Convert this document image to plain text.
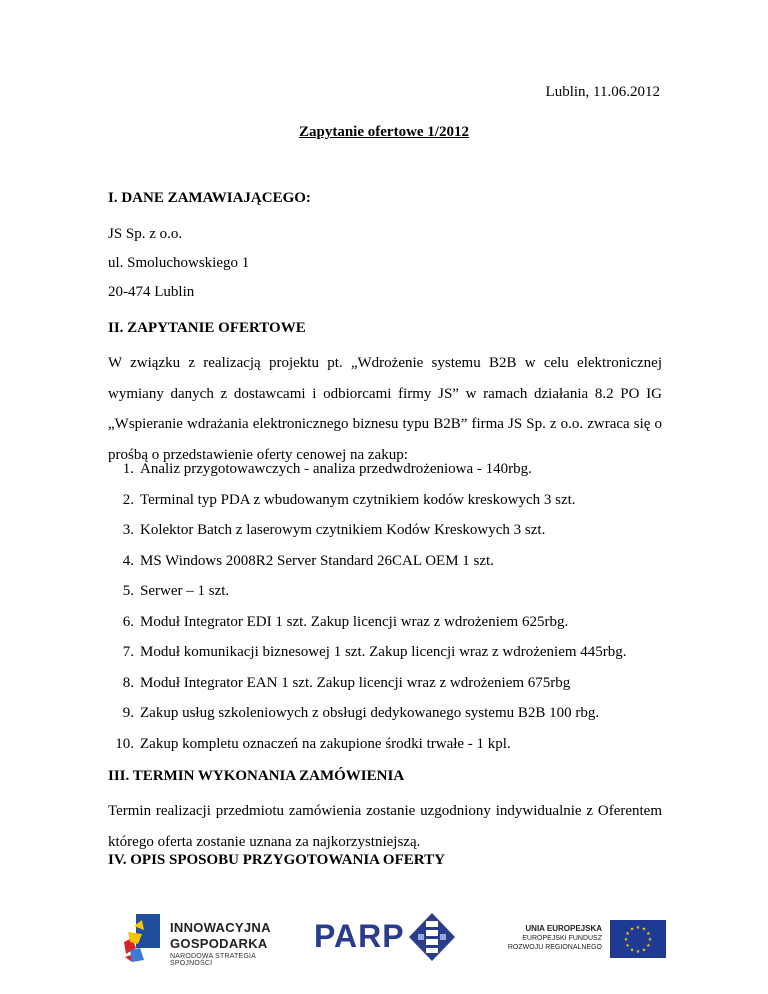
Lublin, 11.06.2012
Zapytanie ofertowe 1/2012
I. DANE ZAMAWIAJĄCEGO:
JS Sp. z o.o.
ul. Smoluchowskiego 1
20-474 Lublin
II. ZAPYTANIE OFERTOWE
W związku z realizacją projektu pt. „Wdrożenie systemu B2B w celu elektronicznej wymiany danych z dostawcami i odbiorcami firmy JS” w ramach działania 8.2 PO IG „Wspieranie wdrażania elektronicznego biznesu typu B2B” firma JS Sp. z o.o. zwraca się o prośbą o przedstawienie oferty cenowej na zakup:
1. Analiz przygotowawczych - analiza przedwdrożeniowa - 140rbg.
2. Terminal typ PDA z wbudowanym czytnikiem kodów kreskowych 3 szt.
3. Kolektor Batch z laserowym czytnikiem Kodów Kreskowych 3 szt.
4. MS Windows 2008R2 Server Standard 26CAL OEM 1 szt.
5. Serwer – 1 szt.
6. Moduł Integrator EDI 1 szt. Zakup licencji wraz z wdrożeniem 625rbg.
7. Moduł komunikacji biznesowej 1 szt. Zakup licencji wraz z wdrożeniem 445rbg.
8. Moduł Integrator EAN 1 szt. Zakup licencji wraz z wdrożeniem 675rbg
9. Zakup usług szkoleniowych z obsługi dedykowanego systemu B2B 100 rbg.
10. Zakup kompletu oznaczeń na zakupione środki trwałe - 1 kpl.
III. TERMIN WYKONANIA ZAMÓWIENIA
Termin realizacji przedmiotu zamówienia zostanie uzgodniony indywidualnie z Oferentem którego oferta zostanie uznana za najkorzystniejszą.
IV. OPIS SPOSOBU PRZYGOTOWANIA OFERTY
INNOWACYJNA
GOSPODARKA
NARODOWA STRATEGIA SPÓJNOŚCI
PARP	UNIA EUROPEJSKA
EUROPEJSKI FUNDUSZ
ROZWOJU REGIONALNEGO
★ ★
★
★
★
★
★
★
★
★
★
★
